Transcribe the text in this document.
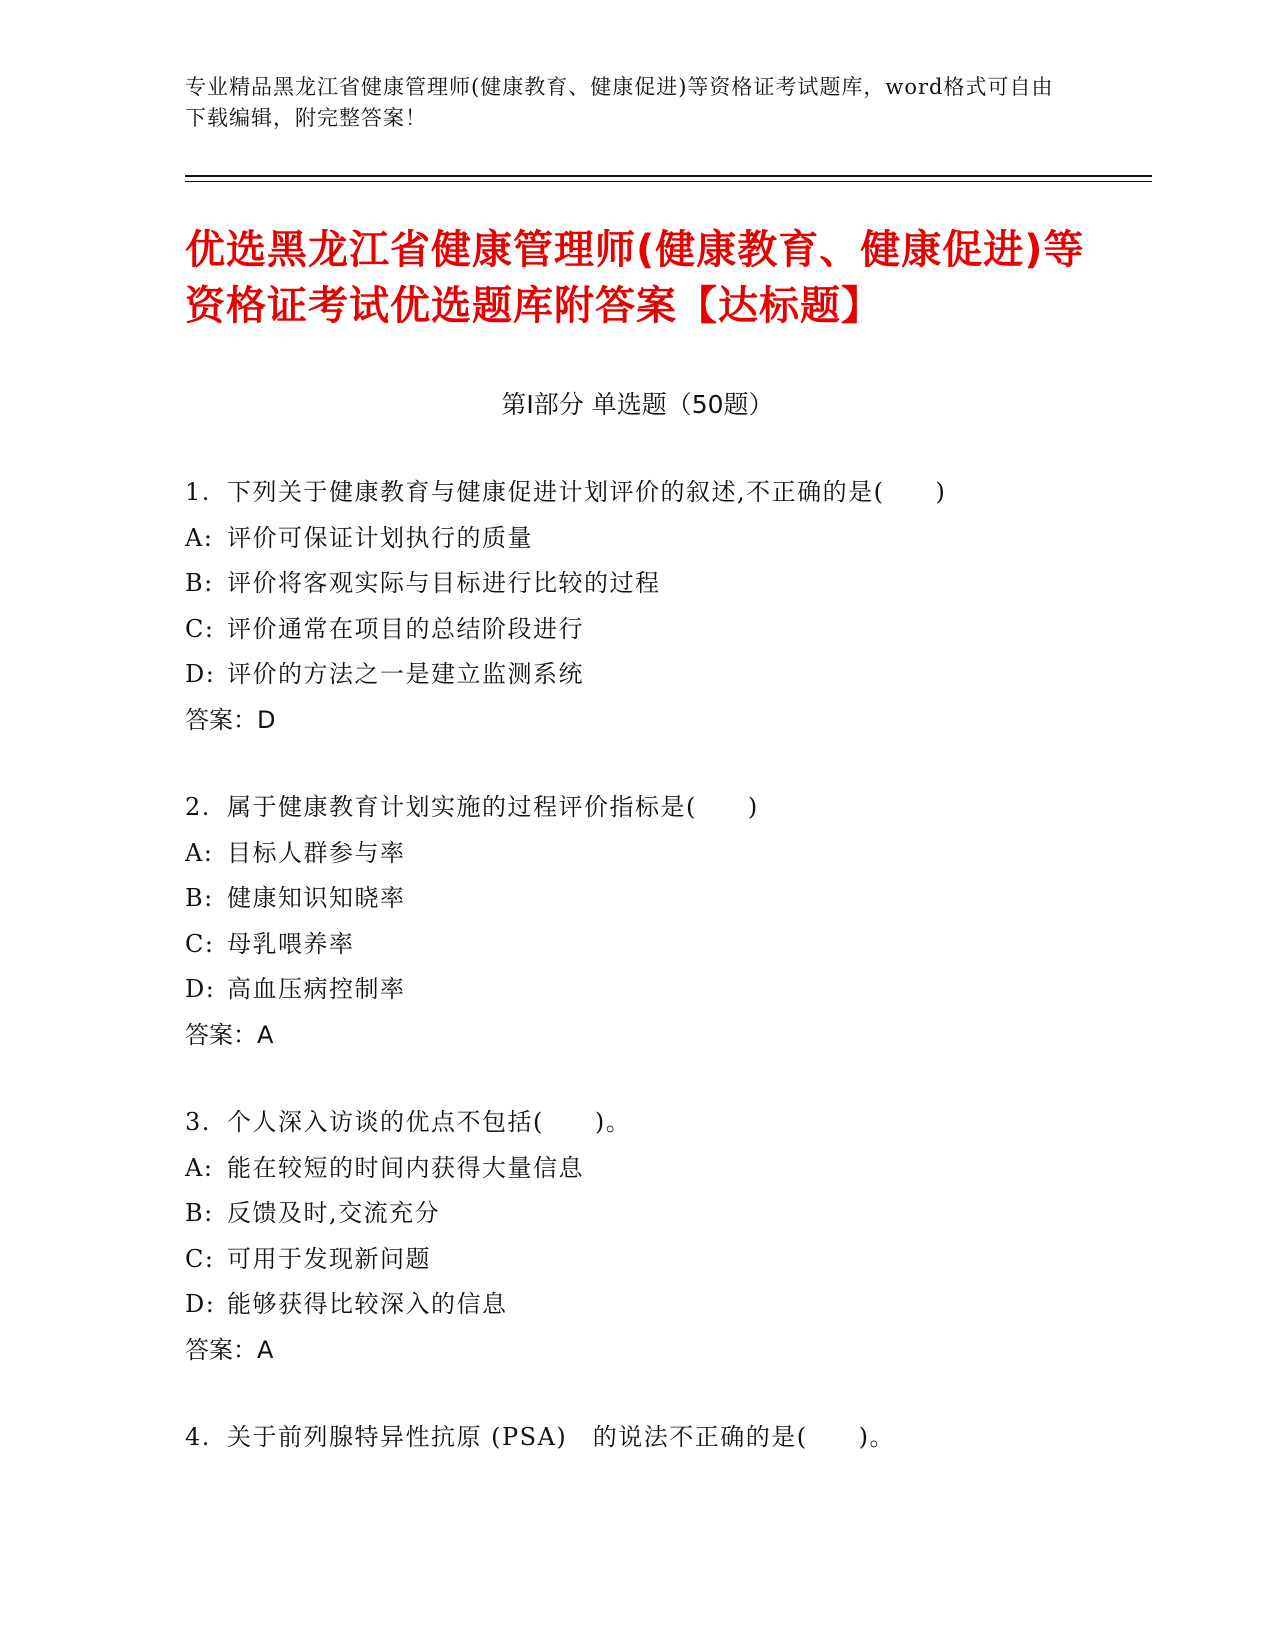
专业精品黑龙江省健康管理师(健康教育、健康促进)等资格证考试题库，word格式可自由下载编辑，附完整答案！
优选黑龙江省健康管理师(健康教育、健康促进)等资格证考试优选题库附答案【达标题】
第Ⅰ部分 单选题（50题）
1. 下列关于健康教育与健康促进计划评价的叙述,不正确的是(　　)
A: 评价可保证计划执行的质量
B: 评价将客观实际与目标进行比较的过程
C: 评价通常在项目的总结阶段进行
D: 评价的方法之一是建立监测系统
答案：D
2. 属于健康教育计划实施的过程评价指标是(　　)
A: 目标人群参与率
B: 健康知识知晓率
C: 母乳喂养率
D: 高血压病控制率
答案：A
3. 个人深入访谈的优点不包括(　　)。
A: 能在较短的时间内获得大量信息
B: 反馈及时,交流充分
C: 可用于发现新问题
D: 能够获得比较深入的信息
答案：A
4. 关于前列腺特异性抗原 (PSA)　的说法不正确的是(　　)。
